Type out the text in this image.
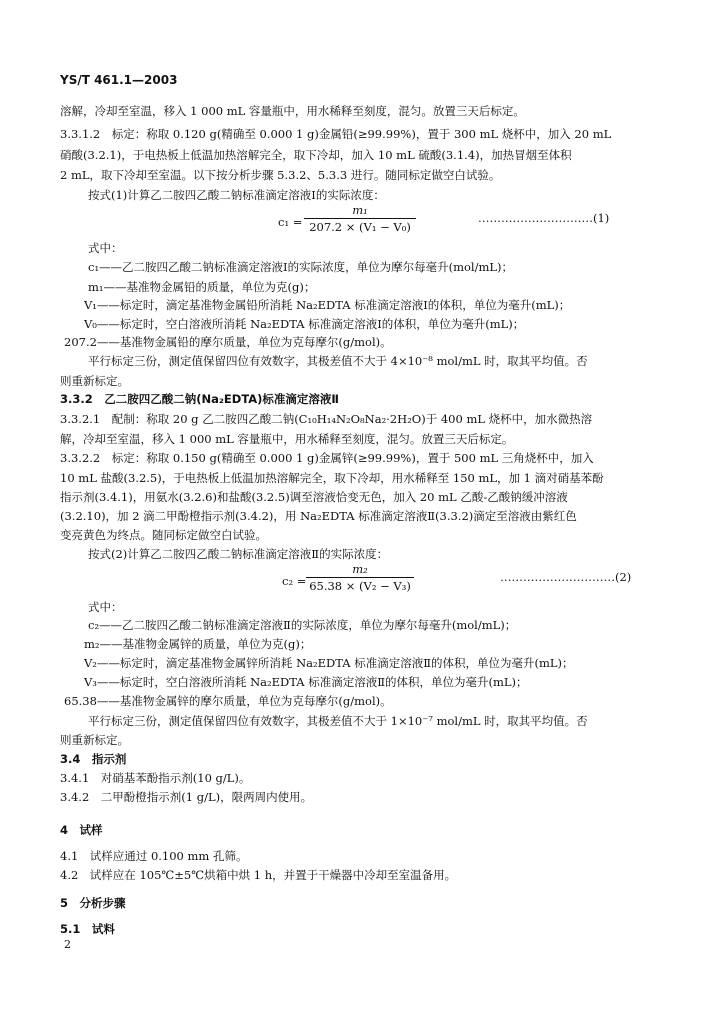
YS/T 461.1—2003
溶解，冷却至室温，移入 1 000 mL 容量瓶中，用水稀释至刻度，混匀。放置三天后标定。
3.3.1.2　标定：称取 0.120 g(精确至 0.000 1 g)金属铅(≥99.99%)，置于 300 mL 烧杯中，加入 20 mL
硝酸(3.2.1)，于电热板上低温加热溶解完全，取下冷却，加入 10 mL 硫酸(3.1.4)，加热冒烟至体积
2 mL，取下冷却至室温。以下按分析步骤 5.3.2、5.3.3 进行。随同标定做空白试验。
按式(1)计算乙二胺四乙酸二钠标准滴定溶液Ⅰ的实际浓度：
c₁ =
m₁
207.2 × (V₁ − V₀)
…………………………(1)
式中：
c₁——乙二胺四乙酸二钠标准滴定溶液Ⅰ的实际浓度，单位为摩尔每毫升(mol/mL)；
m₁——基准物金属铅的质量，单位为克(g)；
V₁——标定时，滴定基准物金属铅所消耗 Na₂EDTA 标准滴定溶液Ⅰ的体积，单位为毫升(mL)；
V₀——标定时，空白溶液所消耗 Na₂EDTA 标准滴定溶液Ⅰ的体积，单位为毫升(mL)；
207.2——基准物金属铅的摩尔质量，单位为克每摩尔(g/mol)。
平行标定三份，测定值保留四位有效数字，其极差值不大于 4×10⁻⁸ mol/mL 时，取其平均值。否
则重新标定。
3.3.2　乙二胺四乙酸二钠(Na₂EDTA)标准滴定溶液Ⅱ
3.3.2.1　配制：称取 20 g 乙二胺四乙酸二钠(C₁₀H₁₄N₂O₈Na₂·2H₂O)于 400 mL 烧杯中，加水微热溶
解，冷却至室温，移入 1 000 mL 容量瓶中，用水稀释至刻度，混匀。放置三天后标定。
3.3.2.2　标定：称取 0.150 g(精确至 0.000 1 g)金属锌(≥99.99%)，置于 500 mL 三角烧杯中，加入
10 mL 盐酸(3.2.5)，于电热板上低温加热溶解完全，取下冷却，用水稀释至 150 mL，加 1 滴对硝基苯酚
指示剂(3.4.1)，用氨水(3.2.6)和盐酸(3.2.5)调至溶液恰变无色，加入 20 mL 乙酸-乙酸钠缓冲溶液
(3.2.10)，加 2 滴二甲酚橙指示剂(3.4.2)，用 Na₂EDTA 标准滴定溶液Ⅱ(3.3.2)滴定至溶液由紫红色
变亮黄色为终点。随同标定做空白试验。
按式(2)计算乙二胺四乙酸二钠标准滴定溶液Ⅱ的实际浓度：
c₂ =
m₂
65.38 × (V₂ − V₃)
…………………………(2)
式中：
c₂——乙二胺四乙酸二钠标准滴定溶液Ⅱ的实际浓度，单位为摩尔每毫升(mol/mL)；
m₂——基准物金属锌的质量，单位为克(g)；
V₂——标定时，滴定基准物金属锌所消耗 Na₂EDTA 标准滴定溶液Ⅱ的体积，单位为毫升(mL)；
V₃——标定时，空白溶液所消耗 Na₂EDTA 标准滴定溶液Ⅱ的体积，单位为毫升(mL)；
65.38——基准物金属锌的摩尔质量，单位为克每摩尔(g/mol)。
平行标定三份，测定值保留四位有效数字，其极差值不大于 1×10⁻⁷ mol/mL 时，取其平均值。否
则重新标定。
3.4　指示剂
3.4.1　对硝基苯酚指示剂(10 g/L)。
3.4.2　二甲酚橙指示剂(1 g/L)，限两周内使用。
4　试样
4.1　试样应通过 0.100 mm 孔筛。
4.2　试样应在 105℃±5℃烘箱中烘 1 h，并置于干燥器中冷却至室温备用。
5　分析步骤
5.1　试料
2
